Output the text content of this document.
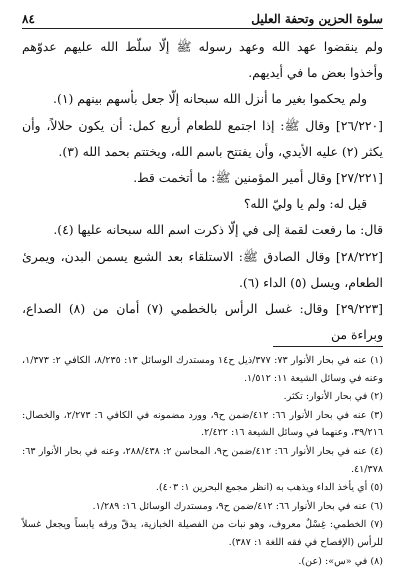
سلوة الحزين وتحفة العليل
٨٤

ولم ينقضوا عهد الله وعهد رسوله ﷺ إلّا سلّط الله عليهم عدوّهم وأخذوا بعض ما في أيديهم.

ولم يحكموا بغير ما أنزل الله سبحانه إلّا جعل بأسهم بينهم (١).

[٢٦/٢٢٠] وقال ﷺ: إذا اجتمع للطعام أربع كمل: أن يكون حلالاً، وأن يكثر (٢) عليه الأيدي، وأن يفتتح باسم الله، ويختتم بحمد الله (٣).

[٢٧/٢٢١] وقال أمير المؤمنين ﷺ: ما أتخمت قط.

قيل له: ولم يا وليّ الله؟

قال: ما رفعت لقمة إلى في إلّا ذكرت اسم الله سبحانه عليها (٤).

[٢٨/٢٢٢] وقال الصادق ﷺ: الاستلقاء بعد الشبع يسمن البدن، ويمرئ الطعام، ويسل (٥) الداء (٦).

[٢٩/٢٢٣] وقال: غسل الرأس بالخطمي (٧) أمان من (٨) الصداع، وبراءة من

(١) عنه في بحار الأنوار ٧٣: ٣٧٧/ذيل ح١٤ ومستدرك الوسائل ١٣: ٨/٢٣٥، الكافي ٢: ١/٣٧٣، وعنه في وسائل الشيعة ١١: ١/٥١٢.

(٢) في بحار الأنوار: تكثر.

(٣) عنه في بحار الأنوار ٦٦: ٤١٢/ضمن ح٩، وورد مضمونه في الكافي ٦: ٢/٢٧٣، والخصال: ٣٩/٢١٦، وعنهما في وسائل الشيعة ١٦: ٢/٤٢٢.

(٤) عنه في بحار الأنوار ٦٦: ٤١٢/ضمن ح٩، المحاسن ٢: ٢٨٨/٤٣٨، وعنه في بحار الأنوار ٦٣: ٤١/٣٧٨.

(٥) أي يأخذ الداء ويذهب به (انظر مجمع البحرين ١: ٤٠٣).

(٦) عنه في بحار الأنوار ٦٦: ٤١٢/ضمن ح٩، ومستدرك الوسائل ١٦: ١/٢٨٩.

(٧) الخطمي: غِسْلٌ معروف، وهو نبات من الفصيلة الخبازية، يدقّ ورقه يابساً ويجعل غسلاً للرأس (الإفصاح في فقه اللغة ١: ٣٨٧).

(٨) في «س»: (عن).
